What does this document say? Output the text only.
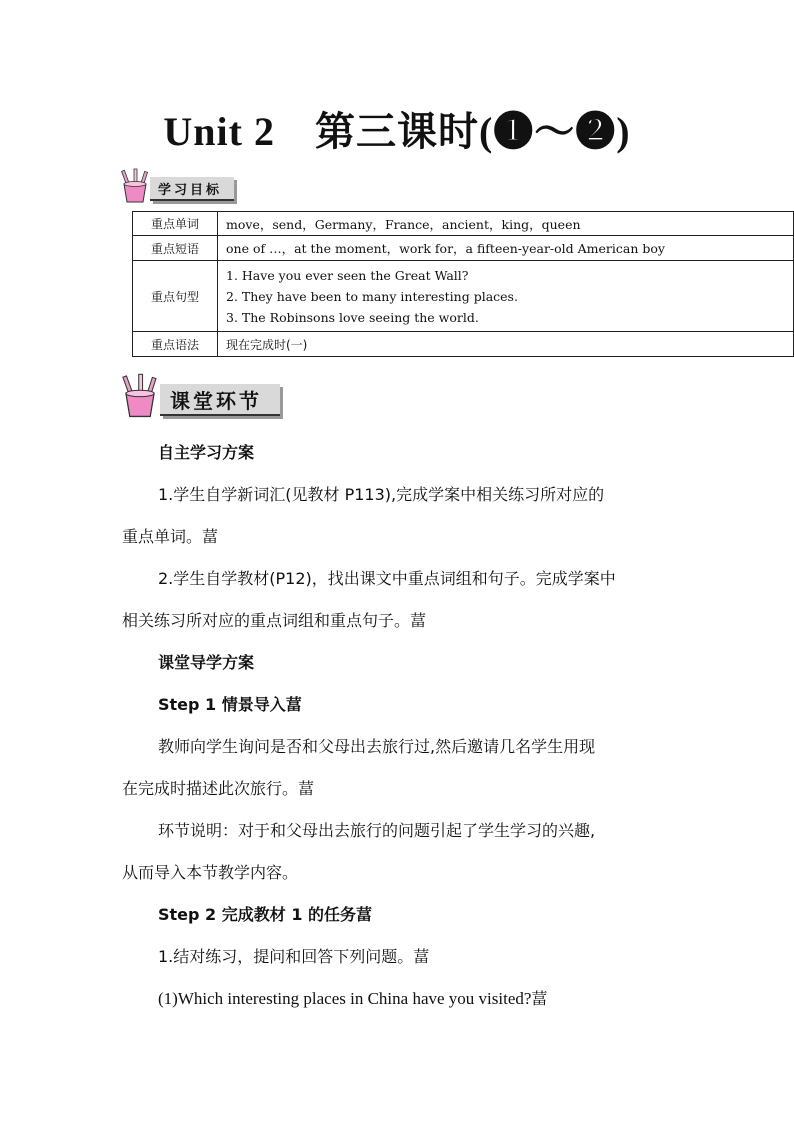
Unit 2 第三课时(❶～❷)
学习目标
重点单词	move，send，Germany，France，ancient，king，queen
重点短语	one of …，at the moment，work for，a fifteen-year-old American boy
重点句型	1. Have you ever seen the Great Wall?
2. They have been to many interesting places.
3. The Robinsons love seeing the world.

重点语法	现在完成时(一)
课堂环节

自主学习方案

1.学生自学新词汇(见教材 P113),完成学案中相关练习所对应的

重点单词。葍

2.学生自学教材(P12)，找出课文中重点词组和句子。完成学案中

相关练习所对应的重点词组和重点句子。葍

课堂导学方案

Step 1 情景导入葍

教师向学生询问是否和父母出去旅行过,然后邀请几名学生用现

在完成时描述此次旅行。葍

环节说明：对于和父母出去旅行的问题引起了学生学习的兴趣,

从而导入本节教学内容。

Step 2 完成教材 1 的任务葍

1.结对练习，提问和回答下列问题。葍

(1)Which interesting places in China have you visited?葍
